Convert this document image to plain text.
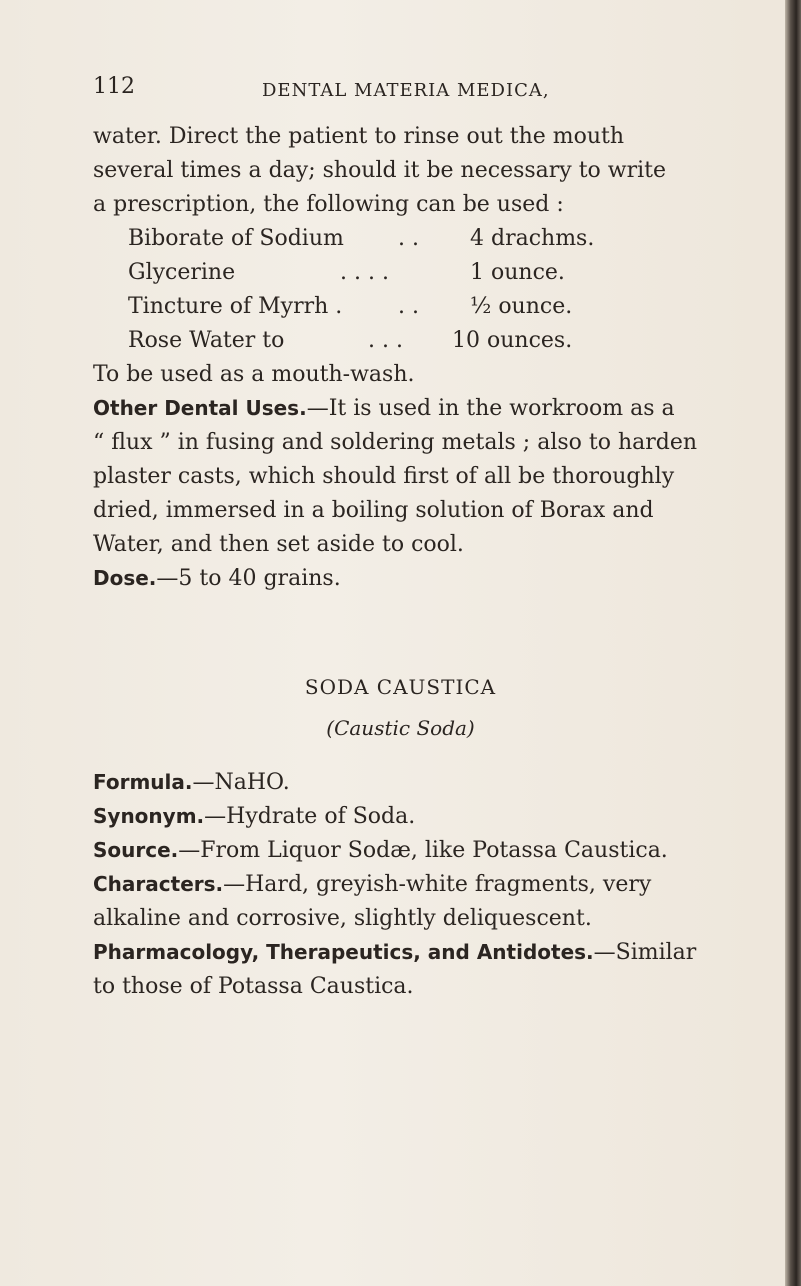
112	DENTAL MATERIA MEDICA,
water. Direct the patient to rinse out the mouth
several times a day; should it be necessary to write
a prescription, the following can be used :
Biborate of Sodium . . 4 drachms.
Glycerine	. . . .	1 ounce.
Tincture of Myrrh .	. . ½ ounce.
Rose Water to	. . . 10 ounces.
To be used as a mouth-wash.
Other Dental Uses.—It is used in the workroom as a
“ flux ” in fusing and soldering metals ; also to harden
plaster casts, which should first of all be thoroughly
dried, immersed in a boiling solution of Borax and
Water, and then set aside to cool.
Dose.—5 to 40 grains.
SODA CAUSTICA
(Caustic Soda)
Formula.—NaHO.
Synonym.—Hydrate of Soda.
Source.—From Liquor Sodæ, like Potassa Caustica.
Characters.—Hard, greyish-white fragments, very
alkaline and corrosive, slightly deliquescent.
Pharmacology, Therapeutics, and Antidotes.—Similar
to those of Potassa Caustica.
